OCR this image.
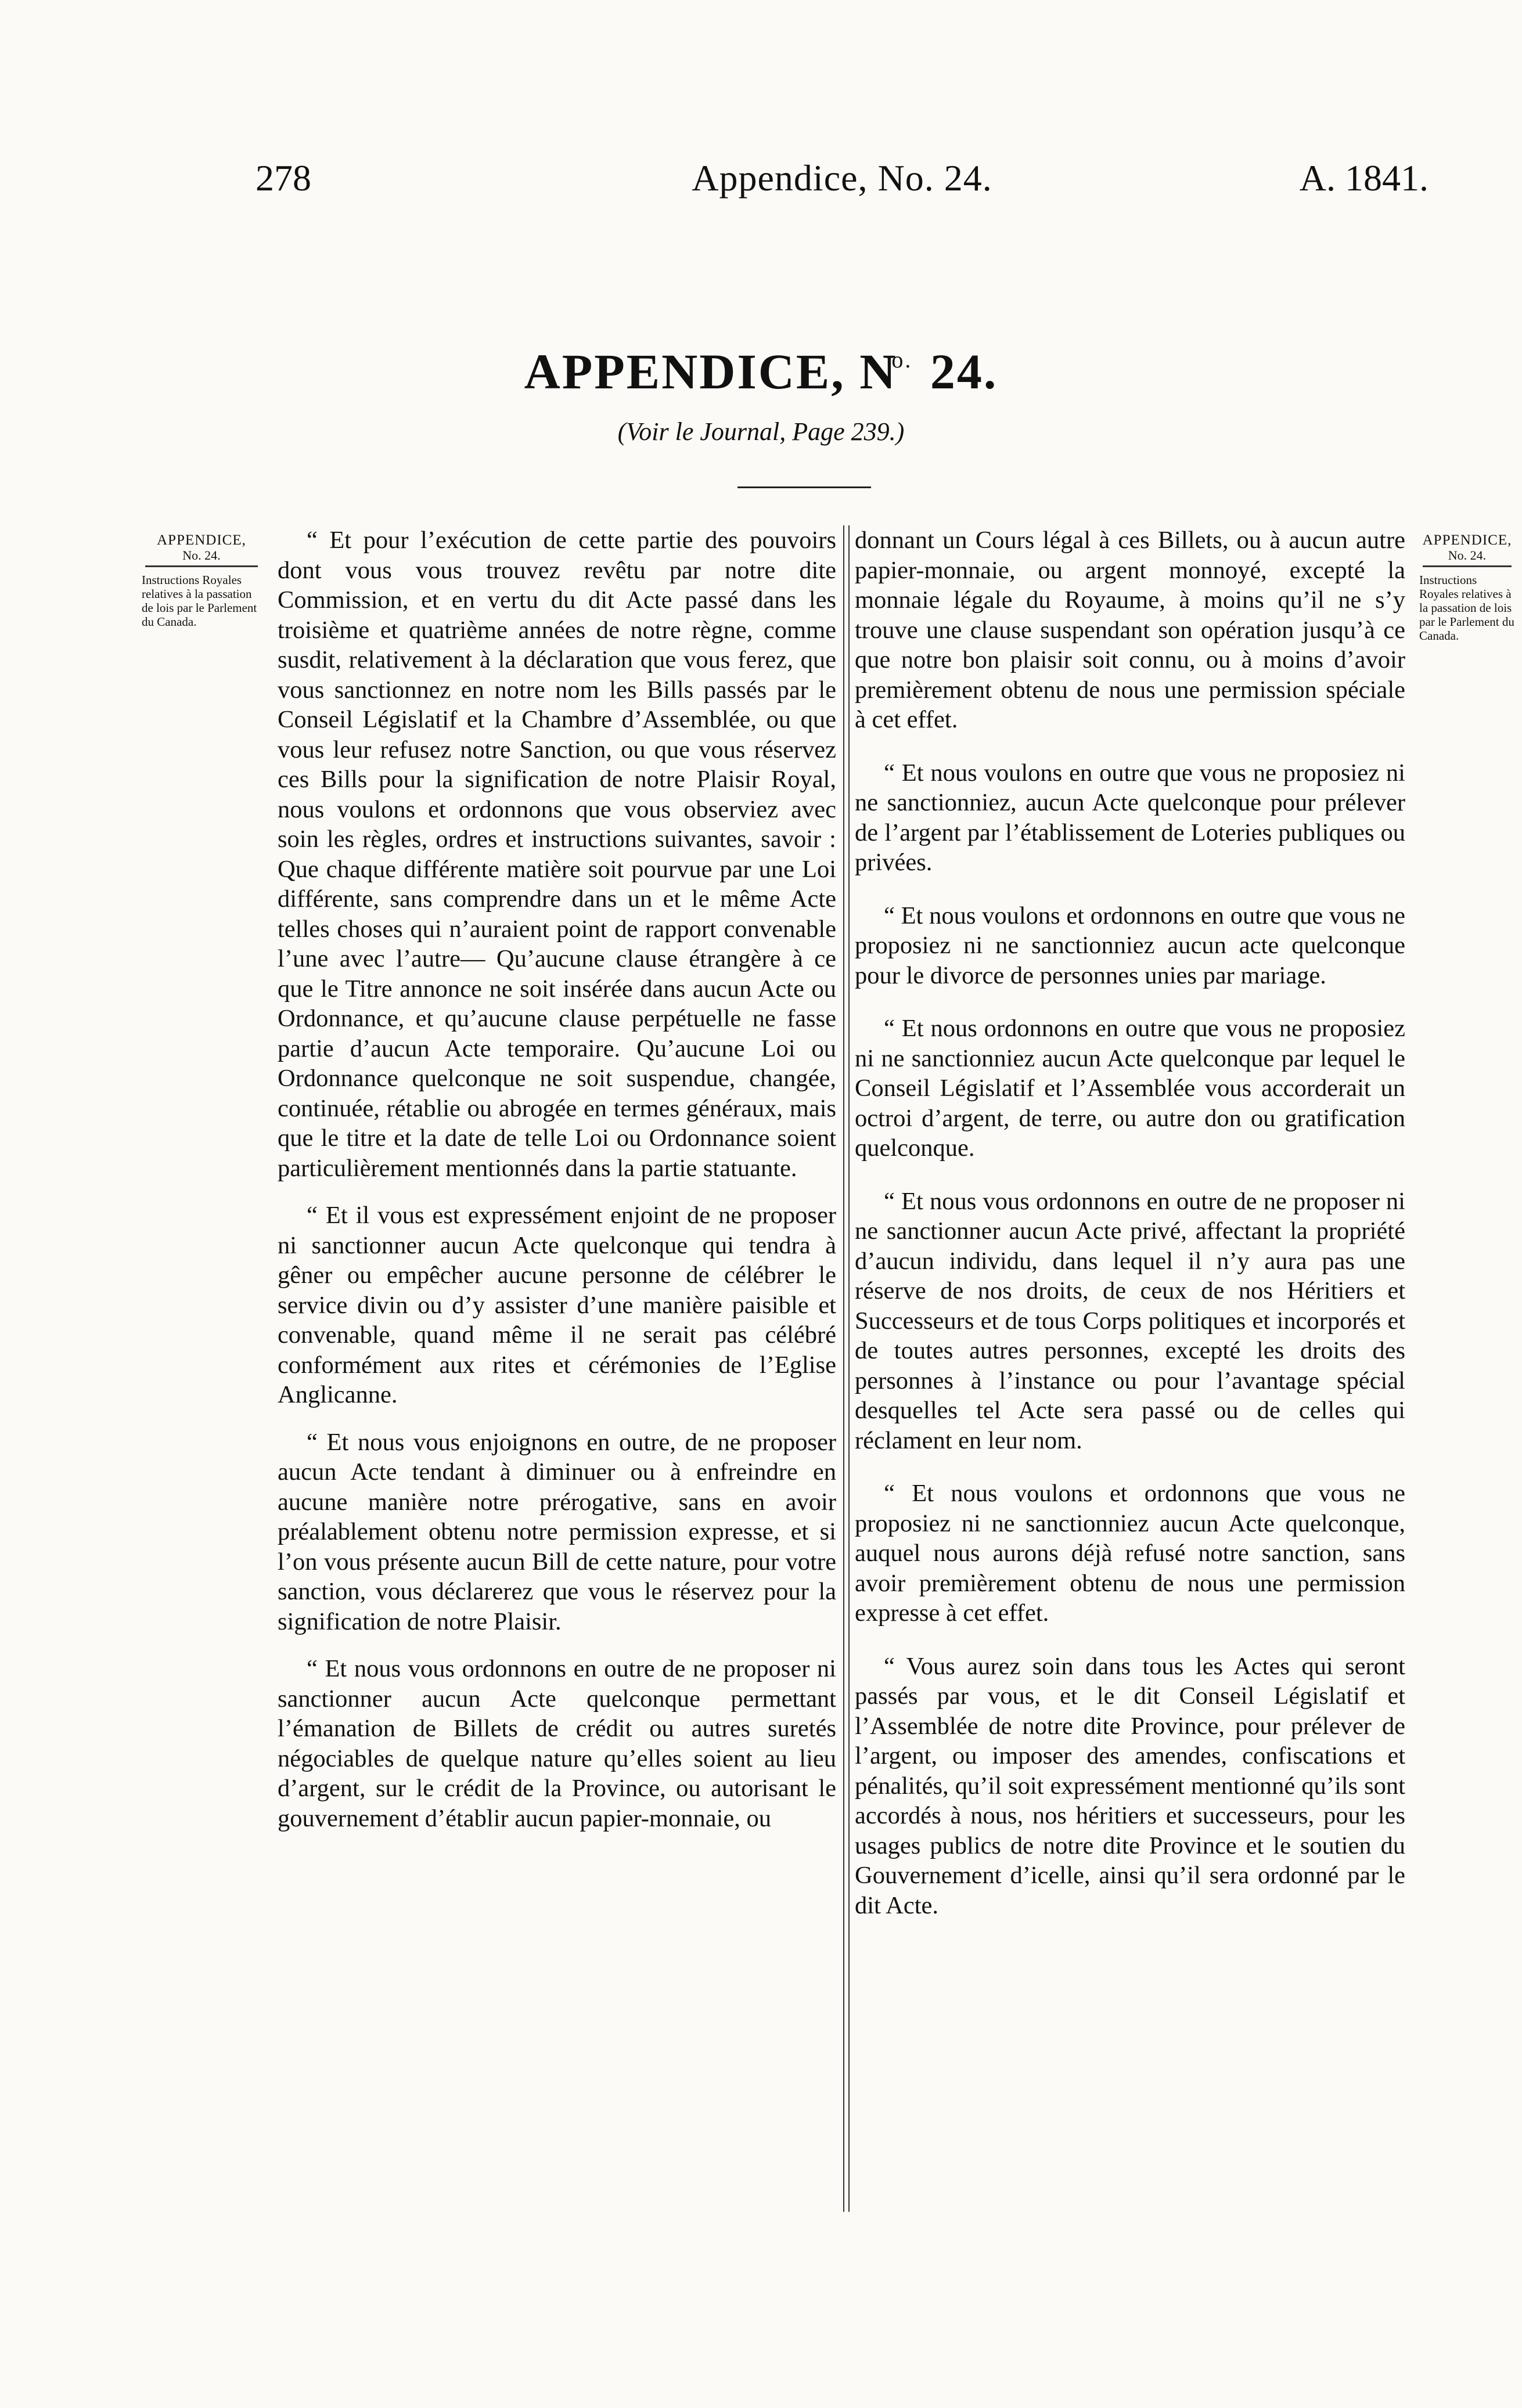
278	Appendice, No. 24.	A. 1841.
APPENDICE, $N^{o.}$ 24.
(Voir le Journal, Page 239.)
APPENDICE,
No. 24.
Instructions Royales relatives à la passation de lois par le Parlement du Canada.
APPENDICE,
No. 24.
Instructions Royales relatives à la passation de lois par le Parlement du Canada.

“ Et pour l’exécution de cette partie des pouvoirs dont vous vous trouvez revêtu par notre dite Commission, et en vertu du dit Acte passé dans les troisième et quatrième années de notre règne, comme susdit, relativement à la déclaration que vous ferez, que vous sanctionnez en notre nom les Bills passés par le Conseil Législatif et la Chambre d’Assemblée, ou que vous leur refusez notre Sanction, ou que vous réservez ces Bills pour la signification de notre Plaisir Royal, nous voulons et ordonnons que vous observiez avec soin les règles, ordres et instructions suivantes, savoir : Que chaque différente matière soit pourvue par une Loi différente, sans comprendre dans un et le même Acte telles choses qui n’auraient point de rapport convenable l’une avec l’autre— Qu’aucune clause étrangère à ce que le Titre annonce ne soit insérée dans aucun Acte ou Ordonnance, et qu’aucune clause perpétuelle ne fasse partie d’aucun Acte temporaire. Qu’aucune Loi ou Ordonnance quelconque ne soit suspendue, changée, continuée, rétablie ou abrogée en termes généraux, mais que le titre et la date de telle Loi ou Ordonnance soient particulièrement mentionnés dans la partie statuante.

“ Et il vous est expressément enjoint de ne proposer ni sanctionner aucun Acte quelconque qui tendra à gêner ou empêcher aucune personne de célébrer le service divin ou d’y assister d’une manière paisible et convenable, quand même il ne serait pas célébré conformément aux rites et cérémonies de l’Eglise Anglicanne.

“ Et nous vous enjoignons en outre, de ne proposer aucun Acte tendant à diminuer ou à enfreindre en aucune manière notre prérogative, sans en avoir préalablement obtenu notre permission expresse, et si l’on vous présente aucun Bill de cette nature, pour votre sanction, vous déclarerez que vous le réservez pour la signification de notre Plaisir.

“ Et nous vous ordonnons en outre de ne proposer ni sanctionner aucun Acte quelconque permettant l’émanation de Billets de crédit ou autres suretés négociables de quelque nature qu’elles soient au lieu d’argent, sur le crédit de la Province, ou autorisant le gouvernement d’établir aucun papier-monnaie, ou

donnant un Cours légal à ces Billets, ou à aucun autre papier-monnaie, ou argent monnoyé, excepté la monnaie légale du Royaume, à moins qu’il ne s’y trouve une clause suspendant son opération jusqu’à ce que notre bon plaisir soit connu, ou à moins d’avoir premièrement obtenu de nous une permission spéciale à cet effet.

“ Et nous voulons en outre que vous ne proposiez ni ne sanctionniez, aucun Acte quelconque pour prélever de l’argent par l’établissement de Loteries publiques ou privées.

“ Et nous voulons et ordonnons en outre que vous ne proposiez ni ne sanctionniez aucun acte quelconque pour le divorce de personnes unies par mariage.

“ Et nous ordonnons en outre que vous ne proposiez ni ne sanctionniez aucun Acte quelconque par lequel le Conseil Législatif et l’Assemblée vous accorderait un octroi d’argent, de terre, ou autre don ou gratification quelconque.

“ Et nous vous ordonnons en outre de ne proposer ni ne sanctionner aucun Acte privé, affectant la propriété d’aucun individu, dans lequel il n’y aura pas une réserve de nos droits, de ceux de nos Héritiers et Successeurs et de tous Corps politiques et incorporés et de toutes autres personnes, excepté les droits des personnes à l’instance ou pour l’avantage spécial desquelles tel Acte sera passé ou de celles qui réclament en leur nom.

“ Et nous voulons et ordonnons que vous ne proposiez ni ne sanctionniez aucun Acte quelconque, auquel nous aurons déjà refusé notre sanction, sans avoir premièrement obtenu de nous une permission expresse à cet effet.

“ Vous aurez soin dans tous les Actes qui seront passés par vous, et le dit Conseil Législatif et l’Assemblée de notre dite Province, pour prélever de l’argent, ou imposer des amendes, confiscations et pénalités, qu’il soit expressément mentionné qu’ils sont accordés à nous, nos héritiers et successeurs, pour les usages publics de notre dite Province et le soutien du Gouvernement d’icelle, ainsi qu’il sera ordonné par le dit Acte.
